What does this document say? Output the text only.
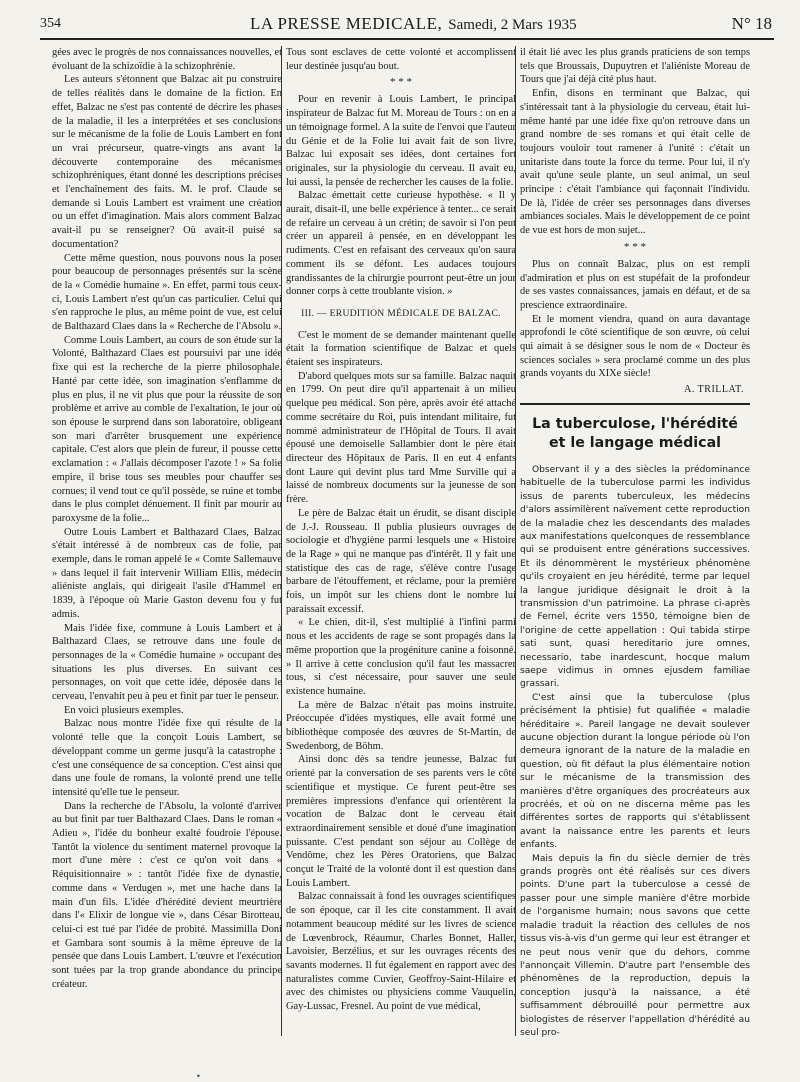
354	LA PRESSE MEDICALE, Samedi, 2 Mars 1935	N° 18

gées avec le progrès de nos connaissances nouvelles, et évoluant de la schizoïdie à la schizophrénie.

Les auteurs s'étonnent que Balzac ait pu construire de telles réalités dans le domaine de la fiction. En effet, Balzac ne s'est pas contenté de décrire les phases de la maladie, il les a interprétées et ses conclusions sur le mécanisme de la folie de Louis Lambert en font un vrai précurseur, quatre-vingts ans avant la découverte contemporaine des mécanismes schizophréniques, étant donné les descriptions précises et l'enchaînement des faits. M. le prof. Claude se demande si Louis Lambert est vraiment une création ou un effet d'imagination. Mais alors comment Balzac avait-il pu se renseigner? Où avait-il puisé sa documentation?

Cette même question, nous pouvons nous la poser pour beaucoup de personnages présentés sur la scène de la « Comédie humaine ». En effet, parmi tous ceux-ci, Louis Lambert n'est qu'un cas particulier. Celui qui s'en rapproche le plus, au même point de vue, est celui de Balthazard Claes dans la « Recherche de l'Absolu ».

Comme Louis Lambert, au cours de son étude sur la Volonté, Balthazard Claes est poursuivi par une idée fixe qui est la recherche de la pierre philosophale. Hanté par cette idée, son imagination s'enflamme de plus en plus, il ne vit plus que pour la réussite de son problème et arrive au comble de l'exaltation, le jour où son épouse le surprend dans son laboratoire, obligeant son mari d'arrêter brusquement une expérience capitale. C'est alors que plein de fureur, il pousse cette exclamation : « J'allais décomposer l'azote ! » Sa folie empire, il brise tous ses meubles pour chauffer ses cornues; il vend tout ce qu'il possède, se ruine et tombe dans le plus complet dénuement. Il finit par mourir au paroxysme de la folie...

Outre Louis Lambert et Balthazard Claes, Balzac s'était intéressé à de nombreux cas de folie, par exemple, dans le roman appelé le « Comte Sallemauve » dans lequel il fait intervenir William Ellis, médecin aliéniste anglais, qui dirigeait l'asile d'Hammel en 1839, à l'époque où Marie Gaston devenu fou y fut admis.

Mais l'idée fixe, commune à Louis Lambert et à Balthazard Claes, se retrouve dans une foule de personnages de la « Comédie humaine » occupant des situations les plus diverses. En suivant ces personnages, on voit que cette idée, déposée dans le cerveau, l'envahit peu à peu et finit par tuer le penseur.

En voici plusieurs exemples.

Balzac nous montre l'idée fixe qui résulte de la volonté telle que la conçoit Louis Lambert, se développant comme un germe jusqu'à la catastrophe : c'est une conséquence de sa conception. C'est ainsi que dans une foule de romans, la volonté prend une telle intensité qu'elle tue le penseur.

Dans la recherche de l'Absolu, la volonté d'arriver au but finit par tuer Balthazard Claes. Dans le roman « Adieu », l'idée du bonheur exalté foudroie l'épouse. Tantôt la violence du sentiment maternel provoque la mort d'une mère : c'est ce qu'on voit dans « Réquisitionnaire » : tantôt l'idée fixe de dynastie, comme dans « Verdugen », met une hache dans la main d'un fils. L'idée d'hérédité devient meurtrière dans l'« Elixir de longue vie », dans César Birotteau, celui-ci est tué par l'idée de probité. Massimilla Doni et Gambara sont soumis à la même épreuve de la pensée que dans Louis Lambert. L'œuvre et l'exécution sont tuées par la trop grande abondance du principe créateur.

Tous sont esclaves de cette volonté et accomplissent leur destinée jusqu'au bout.

* * *

Pour en revenir à Louis Lambert, le principal inspirateur de Balzac fut M. Moreau de Tours : on en a un témoignage formel. A la suite de l'envoi que l'auteur du Génie et de la Folie lui avait fait de son livre, Balzac lui exposait ses idées, dont certaines fort originales, sur la physiologie du cerveau. Il avait eu, lui aussi, la pensée de rechercher les causes de la folie.

Balzac émettait cette curieuse hypothèse. « Il y aurait, disait-il, une belle expérience à tenter... ce serait de refaire un cerveau à un crétin; de savoir si l'on peut créer un appareil à pensée, en en développant les rudiments. C'est en refaisant des cerveaux qu'on saura comment ils se défont. Les audaces toujours grandissantes de la chirurgie pourront peut-être un jour donner corps à cette troublante vision. »

III. — ERUDITION MÉDICALE DE BALZAC.

C'est le moment de se demander maintenant quelle était la formation scientifique de Balzac et quels étaient ses inspirateurs.

D'abord quelques mots sur sa famille. Balzac naquit en 1799. On peut dire qu'il appartenait à un milieu quelque peu médical. Son père, après avoir été attaché comme secrétaire du Roi, puis intendant militaire, fut nommé administrateur de l'Hôpital de Tours. Il avait épousé une demoiselle Sallambier dont le père était directeur des Hôpitaux de Paris. Il en eut 4 enfants dont Laure qui devint plus tard Mme Surville qui a laissé de nombreux documents sur la jeunesse de son frère.

Le père de Balzac était un érudit, se disant disciple de J.-J. Rousseau. Il publia plusieurs ouvrages de sociologie et d'hygiène parmi lesquels une « Histoire de la Rage » qui ne manque pas d'intérêt. Il y fait une statistique des cas de rage, s'élève contre l'usage barbare de l'étouffement, et réclame, pour la première fois, un impôt sur les chiens dont le nombre lui paraissait excessif.

« Le chien, dit-il, s'est multiplié à l'infini parmi nous et les accidents de rage se sont propagés dans la même proportion que la progéniture canine a foisonné. » Il arrive à cette conclusion qu'il faut les massacrer tous, si c'est nécessaire, pour sauver une seule existence humaine.

La mère de Balzac n'était pas moins instruite. Préoccupée d'idées mystiques, elle avait formé une bibliothèque composée des œuvres de St-Martin, de Swedenborg, de Böhm.

Ainsi donc dès sa tendre jeunesse, Balzac fut orienté par la conversation de ses parents vers le côté scientifique et mystique. Ce furent peut-être ses premières impressions d'enfance qui orientèrent la vocation de Balzac dont le cerveau était extraordinairement sensible et doué d'une imagination puissante. C'est pendant son séjour au Collège de Vendôme, chez les Pères Oratoriens, que Balzac conçut le Traité de la volonté dont il est question dans Louis Lambert.

Balzac connaissait à fond les ouvrages scientifiques de son époque, car il les cite constamment. Il avait notamment beaucoup médité sur les livres de science de Lœvenbrock, Réaumur, Charles Bonnet, Haller, Lavoisier, Berzélius, et sur les ouvrages récents des savants modernes. Il fut également en rapport avec des naturalistes comme Cuvier, Geoffroy-Saint-Hilaire et avec des chimistes ou physiciens comme Vauquelin, Gay-Lussac, Fresnel. Au point de vue médical,

il était lié avec les plus grands praticiens de son temps tels que Broussais, Dupuytren et l'aliéniste Moreau de Tours que j'ai déjà cité plus haut.

Enfin, disons en terminant que Balzac, qui s'intéressait tant à la physiologie du cerveau, était lui-même hanté par une idée fixe qu'on retrouve dans un grand nombre de ses romans et qui était celle de toujours vouloir tout ramener à l'unité : c'était un unitariste dans toute la force du terme. Pour lui, il n'y avait qu'une seule plante, un seul animal, un seul principe : c'était l'ambiance qui façonnait l'individu. De là, l'idée de créer ses personnages dans diverses ambiances sociales. Mais le développement de ce point de vue est hors de mon sujet...

* * *

Plus on connaît Balzac, plus on est rempli d'admiration et plus on est stupéfait de la profondeur de ses vastes connaissances, jamais en défaut, et de sa prescience extraordinaire.

Et le moment viendra, quand on aura davantage approfondi le côté scientifique de son œuvre, où celui qui aimait à se désigner sous le nom de « Docteur ès sciences sociales » sera proclamé comme un des plus grands voyants du XIXe siècle!

A. TRILLAT.
La tuberculose, l'hérédité
et le langage médical

Observant il y a des siècles la prédominance habituelle de la tuberculose parmi les individus issus de parents tuberculeux, les médecins d'alors assimilèrent naïvement cette reproduction de la maladie chez les descendants des malades aux manifestations quelconques de ressemblance qui se produisent entre générations successives. Et ils dénommèrent le mystérieux phénomène qu'ils croyaient en jeu hérédité, terme par lequel la langue juridique désignait le droit à la transmission d'un patrimoine. La phrase ci-après de Fernel, écrite vers 1550, témoigne bien de l'origine de cette appellation : Qui tabida stirpe sati sunt, quasi hereditario jure omnes, necessario, tabe inardescunt, hocque malum saepe vidimus in omnes ejusdem familiae grassari.

C'est ainsi que la tuberculose (plus précisément la phtisie) fut qualifiée « maladie héréditaire ». Pareil langage ne devait soulever aucune objection durant la longue période où l'on demeura ignorant de la nature de la maladie en question, où fit défaut la plus élémentaire notion sur le mécanisme de la transmission des manières d'être organiques des procréateurs aux procréés, et où on ne discerna même pas les différentes sortes de rapports qui s'établissent avant la naissance entre les parents et leurs enfants.

Mais depuis la fin du siècle dernier de très grands progrès ont été réalisés sur ces divers points. D'une part la tuberculose a cessé de passer pour une simple manière d'être morbide de l'organisme humain; nous savons que cette maladie traduit la réaction des cellules de nos tissus vis-à-vis d'un germe qui leur est étranger et ne peut nous venir que du dehors, comme l'annonçait Villemin. D'autre part l'ensemble des phénomènes de la reproduction, depuis la conception jusqu'à la naissance, a été suffisamment débrouillé pour permettre aux biologistes de réserver l'appellation d'hérédité au seul pro-

•
